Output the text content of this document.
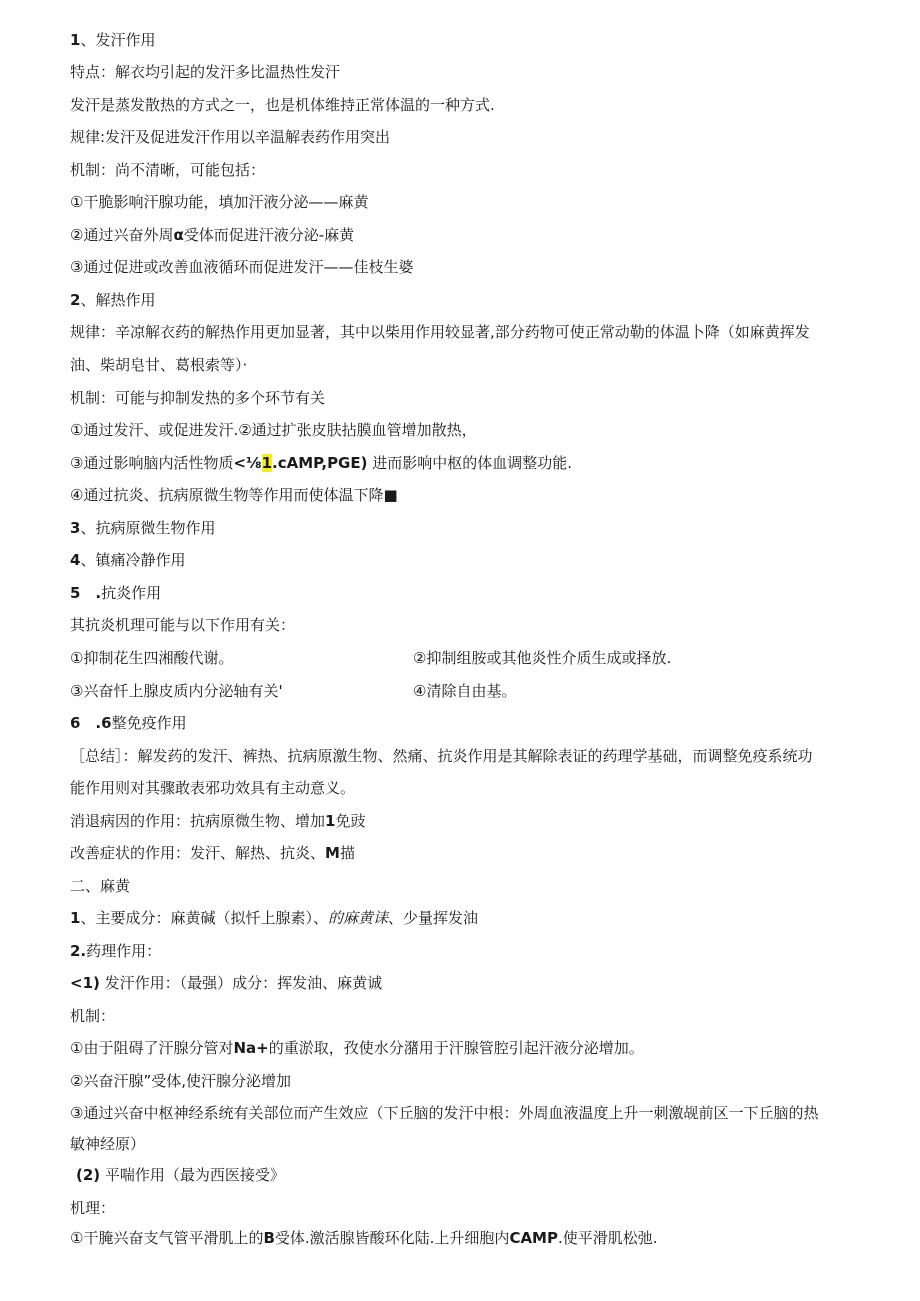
1、发汗作用
特点：解衣均引起的发汗多比温热性发汗
发汗是蒸发散热的方式之一，也是机体维持正常体温的一种方式.
规律:发汗及促进发汗作用以辛温解表药作用突出
机制：尚不清晰，可能包括：
①干脆影响汗腺功能，填加汗液分泌——麻黄
②通过兴奋外周α受体而促进汗液分泌-麻黄
③通过促进或改善血液循环而促进发汗——佳枝生婆
2、解热作用
规律：辛凉解衣药的解热作用更加显著，其中以柴用作用较显著,部分药物可使正常动勒的体温卜降（如麻黄挥发
油、柴胡皂甘、葛根索等）·
机制：可能与抑制发热的多个环节有关
①通过发汗、或促进发汗.②通过扩张皮肤拈膜血管增加散热，
③通过影响脑内活性物质<⅛1.cAMP,PGE) 进而影响中枢的体血调整功能.
④通过抗炎、抗病原微生物等作用而使体温下降■
3、抗病原微生物作用
4、镇痛冷静作用
5　.抗炎作用
其抗炎机理可能与以下作用有关：
①抑制花生四湘酸代谢。	②抑制组胺或其他炎性介质生成或择放.
③兴奋忏上腺皮质内分泌轴有关'	④清除自由基。
6　.6整免疫作用
［总结］：解发药的发汗、裤热、抗病原激生物、然痛、抗炎作用是其解除表证的药理学基础，而调整免疫系统功
能作用则对其骤敢表邪功效具有主动意义。
消退病因的作用：抗病原微生物、增加1免豉
改善症状的作用：发汗、解热、抗炎、M描
二、麻黄
1、主要成分：麻黄碱（拟忏上腺素）、的麻黄诔、少量挥发油
2.药理作用：
<1) 发汗作用：（最强）成分：挥发油、麻黄诚
机制：
①由于阻碍了汗腺分管对Na+的重淤取，孜使水分潴用于汗腺管腔引起汗液分泌增加。
②兴奋汗腺”受体,使汗腺分泌增加
③通过兴奋中枢神经系统有关部位而产生效应（下丘脑的发汗中根：外周血液温度上升一刺激觇前区一下丘脑的热
敏神经原）
(2) 平喘作用（最为西医接受》
机理：
①干腌兴奋支气管平滑肌上的B受体.激活腺皆酸环化陆.上升细胞内CAMP.使平滑肌松弛.
